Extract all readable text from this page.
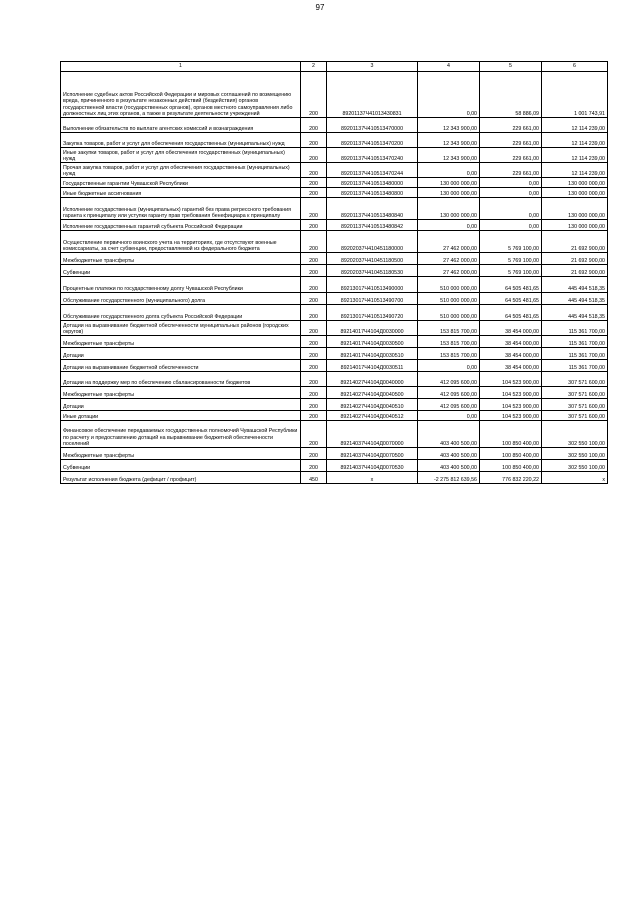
97
1	2	3	4	5	6
Исполнение судебных актов Российской Федерации и мировых соглашений по возмещению вреда, причиненного в результате незаконных действий (бездействия) органов государственной власти (государственных органов), органов местного самоуправления либо должностных лиц этих органов, а также в результате деятельности учреждений	200	89201137Ч41013430831	0,00	58 886,09	1 001 743,91
Выполнение обязательств по выплате агентских комиссий и вознаграждения	200	89201137Ч410513470000	12 343 900,00	229 661,00	12 114 239,00
Закупка товаров, работ и услуг для обеспечения государственных (муниципальных) нужд	200	89201137Ч410513470200	12 343 900,00	229 661,00	12 114 239,00
Иные закупки товаров, работ и услуг для обеспечения государственных (муниципальных) нужд	200	89201137Ч410513470240	12 343 900,00	229 661,00	12 114 239,00
Прочая закупка товаров, работ и услуг для обеспечения государственных (муниципальных) нужд	200	89201137Ч410513470244	0,00	229 661,00	12 114 239,00
Государственные гарантии Чувашской Республики	200	89201137Ч410513480000	130 000 000,00	0,00	130 000 000,00
Иные бюджетные ассигнования	200	89201137Ч410513480800	130 000 000,00	0,00	130 000 000,00
Исполнение государственных (муниципальных) гарантий без права регрессного требования гаранта к принципалу или уступки гаранту прав требования бенефициара к принципалу	200	89201137Ч410513480840	130 000 000,00	0,00	130 000 000,00
Исполнение государственных гарантий субъекта Российской Федерации	200	89201137Ч410513480842	0,00	0,00	130 000 000,00
Осуществление первичного воинского учета на территориях, где отсутствуют военные комиссариаты, за счет субвенции, предоставляемой из федерального бюджета	200	89202037Ч410451180000	27 462 000,00	5 769 100,00	21 692 900,00
Межбюджетные трансферты	200	89202037Ч410451180500	27 462 000,00	5 769 100,00	21 692 900,00
Субвенции	200	89202037Ч410451180530	27 462 000,00	5 769 100,00	21 692 900,00
Процентные платежи по государственному долгу Чувашской Республики	200	89213017Ч410513490000	510 000 000,00	64 505 481,65	445 494 518,35
Обслуживание государственного (муниципального) долга	200	89213017Ч410513490700	510 000 000,00	64 505 481,65	445 494 518,35
Обслуживание государственного долга субъекта Российской Федерации	200	89213017Ч410513490720	510 000 000,00	64 505 481,65	445 494 518,35
Дотации на выравнивание бюджетной обеспеченности муниципальных районов (городских округов)	200	89214017Ч4104Д0030000	153 815 700,00	38 454 000,00	115 361 700,00
Межбюджетные трансферты	200	89214017Ч4104Д0030500	153 815 700,00	38 454 000,00	115 361 700,00
Дотации	200	89214017Ч4104Д0030510	153 815 700,00	38 454 000,00	115 361 700,00
Дотации на выравнивание бюджетной обеспеченности	200	89214017Ч4104Д0030511	0,00	38 454 000,00	115 361 700,00
Дотации на поддержку мер по обеспечению сбалансированности бюджетов	200	89214027Ч4104Д0040000	412 095 600,00	104 523 900,00	307 571 600,00
Межбюджетные трансферты	200	89214027Ч4104Д0040500	412 095 600,00	104 523 900,00	307 571 600,00
Дотации	200	89214027Ч4104Д0040510	412 095 600,00	104 523 900,00	307 571 600,00
Иные дотации	200	89214027Ч4104Д0040512	0,00	104 523 900,00	307 571 600,00
Финансовое обеспечение передаваемых государственных полномочий Чувашской Республики по расчету и предоставлению дотаций на выравнивание бюджетной обеспеченности поселений	200	89214037Ч4104Д0070000	403 400 500,00	100 850 400,00	302 550 100,00
Межбюджетные трансферты	200	89214037Ч4104Д0070500	403 400 500,00	100 850 400,00	302 550 100,00
Субвенции	200	89214037Ч4104Д0070530	403 400 500,00	100 850 400,00	302 550 100,00
Результат исполнения бюджета (дефицит / профицит)	450	x	-2 275 812 639,56	776 832 220,22	x
